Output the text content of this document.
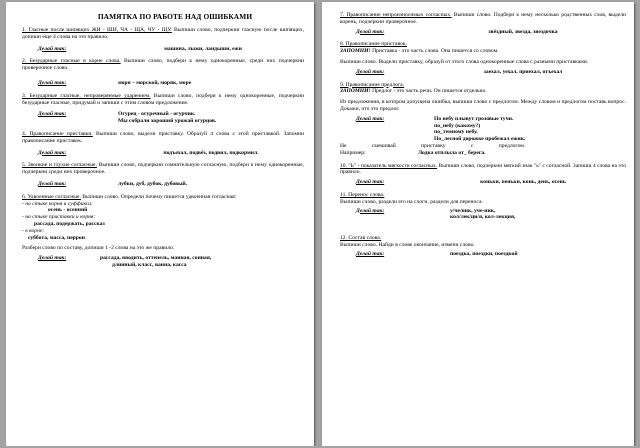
ПАМЯТКА ПО РАБОТЕ НАД ОШИБКАМИ
1. Гласные после шипящих ЖИ - ШИ, ЧА - ЩА, ЧУ - ЩУ. Выпиши слово, подчеркни гласную после шипящих, допиши еще 4 слова на это правило.
Делай так:	машина, лыжи, ландыши, ежи
2. Безударные гласные в корне слова. Выпиши слово, подбери к нему однокоренные, среди них подчеркни проверочное слово.
Делай так:	моря – морской, моряк, море
3. Безударные гласные, непроверяемые ударением. Выпиши слово, подбери к нему однокоренные, подчеркни безударные гласные, придумай и запиши с этим словом предложение.
Делай так:	Огурец - огуречный - огурчик.
Мы собрали хороший урожай огурцов.
4. Правописание приставки. Выпиши слово, выдели приставку. Образуй 4 слова с этой приставкой. Запомни правописание приставок.
Делай так:	подъехал, подвёз, подвил, подкормил.
5. Звонкие и глухие согласные. Выпиши слово, подчеркни сомнительную согласную, подбери к нему однокоренные, подчеркни среди них проверочное.
Делай так:	лубки, дуб, дубок, дубовый.
6. Удвоенные согласные. Выпиши слово. Определи почему пишется удвоенная согласная:
- на стыке корня и суффикса:
осень - осенний
- на стыке приставки и корня:
рассада, подержать, рассказ
- в корне:
суббота, масса, перрон
Разбери слово по составу, допиши 1 -2 слова на это же правило.
Делай так:	рассада, вводить, оттепель, манная, сонная,
длинный, класс, ванна, касса
7. Правописание непроизносимых согласных. Выпиши слово. Подбери к нему несколько родственных слов, выдели корень, подчеркни проверочное.
Делай так:	звёздный, звезда, звездочка
8. Правописание приставок.
ЗАПОМНИ! Приставка - это часть слова. Она пишется со словом.
Выпиши слово. Выдели приставку, образуй от этого слова однокоренные слова с разными приставками.
Делай так:	заехал, уехал, приехал, отъехал
9. Правописание предлога.
ЗАПОМНИ! Предлог - это часть речи. Он пишется отдельно.
Из предложения, в котором допущена ошибка, выпиши слово с предлогом. Между словом и предлогом поставь вопрос. Докажи, что это предлог.
Делай так:	По небу плывут грозовые тучи.
по_небу (какому?)
по_темному небу.
По_лесной дорожке пробежал ежик.
Не смешивай приставку с предлогом.
Например:	Лодка отплыла от_ берега.
10. "Ь" - показатель мягкости согласных. Выпиши слово, подчеркни мягкий знак "ь" с согласной. Запиши 4 слова на это правило.
Делай так:	коньки, пеньки, конь, день, осень
11. Перенос слова.
Выпиши слово, раздели его на слоги, раздели для переноса.
Делай так:	у/че/ник, уче-ник,
кол/лек/ци/я, кол-лекция,
12. Состав слова.
Выпиши слово. Найди в слове окончание, измени слово.
Делай так:	поездка, поездки, поездкой
